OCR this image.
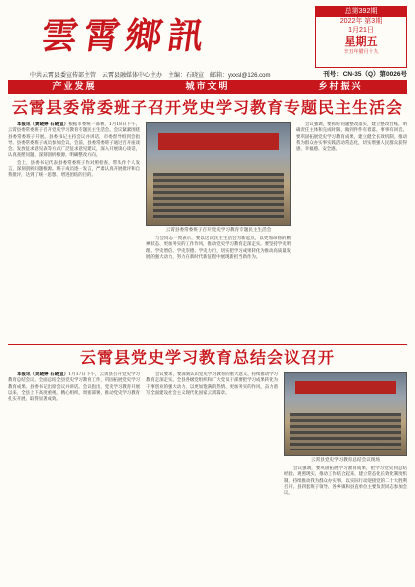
雲霄鄉訊
总第392期
2022年 第3期
1月21日
星期五
辛丑年腊月十九
中共云霄县委宣传部主管　云霄县融媒体中心主办　主编：石晓宣　邮箱：yxxsl@126.com	刊号：CN-35（Q）第0026号
产业发展	城市文明	乡村振兴
云霄县委常委班子召开党史学习教育专题民主生活会

本报讯（黄晓婷 石晓宣）根据市委统一部署，1月18日下午，云霄县委常委班子召开党史学习教育专题民主生活会。会议紧紧围绕县委常委班子开展。县委书记主持会议并讲话，市委督导组到会指导。县委常委班子成员参加会议。会前，县委常委班子通过召开座谈会、发放征求意见表等方式广泛征求意见建议，深入开展谈心谈话，认真查摆问题，深刻剖析根源，明确整改方向。

会上，县委书记代表县委常委班子作对照检查，带头作个人发言，深刻剖析问题根源。班子成员逐一发言，严肃认真开展批评和自我批评，达到了统一思想、增进团结的目的。

云霄县委常委班子召开党史学习教育专题民主生活会

会议强调，要抓好问题整改落实，建立整改台账，明确责任主体和完成时限，做到件件有着落、事事有回音。要巩固拓展党史学习教育成果，建立健全长效机制，推动我为群众办实事实践活动常态化，切实增强人民群众获得感、幸福感、安全感。

与会同志一致表示，要以这次民主生活会为新起点，以更加昂扬的精神状态、更加务实的工作作风，推动党史学习教育走深走实。要坚持学史明理、学史增信、学史崇德、学史力行，切实把学习成果转化为推动高质量发展的强大动力，努力在新时代新征程中展现新担当新作为。

云霄县党史学习教育总结会议召开

本报讯（吴晓婷 石晓宣）1月17日下午，云霄县召开党史学习教育总结会议，全面总结全县党史学习教育工作，巩固拓展党史学习教育成果。县委书记出席会议并讲话。会议指出，党史学习教育开展以来，全县上下高度重视，精心组织，周密部署，推动党史学习教育扎实开展、取得显著成效。

会议要求，要深刻认识党史学习教育的重大意义，持续推动学习教育走深走实。全县各级党组织和广大党员干部要把学习成果转化为干事创业的强大动力，以更加饱满的热情、更加务实的作风，奋力谱写全面建设社会主义现代化国家云霄篇章。

云霄县党史学习教育总结会议现场

会议强调，要巩固拓展学习教育成果，把学习党史同总结经验、观照现实、推动工作结合起来，建立常态化长效化制度机制，持续推动我为群众办实事，以实际行动迎接党的二十大胜利召开。县四套班子领导、各乡镇和县直单位主要负责同志参加会议。
